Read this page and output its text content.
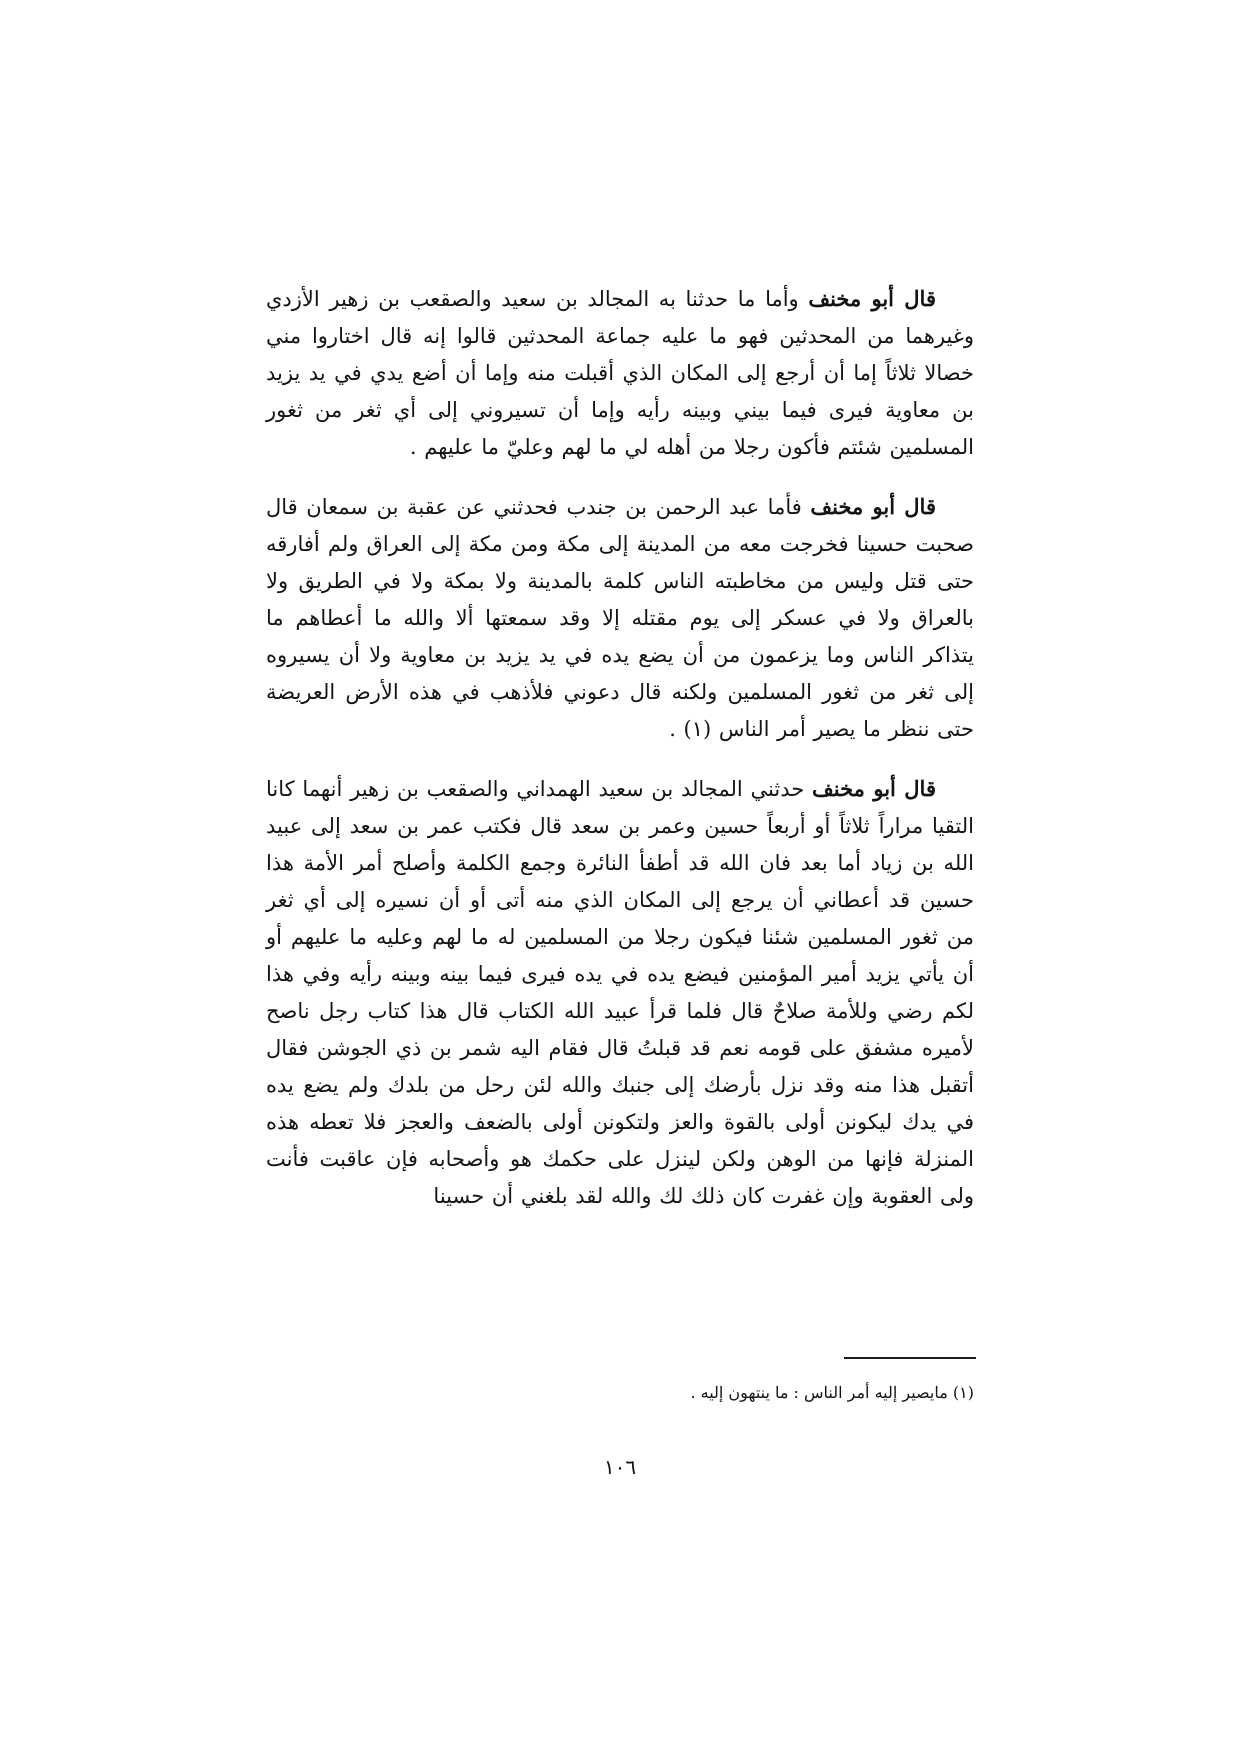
قال أبو مخنف وأما ما حدثنا به المجالد بن سعيد والصقعب بن زهير الأزدي وغيرهما من المحدثين فهو ما عليه جماعة المحدثين قالوا إنه قال اختاروا مني خصالا ثلاثاً إما أن أرجع إلى المكان الذي أقبلت منه وإما أن أضع يدي في يد يزيد بن معاوية فيرى فيما بيني وبينه رأيه وإما أن تسيروني إلى أي ثغر من ثغور المسلمين شئتم فأكون رجلا من أهله لي ما لهم وعليّ ما عليهم .

قال أبو مخنف فأما عبد الرحمن بن جندب فحدثني عن عقبة بن سمعان قال صحبت حسينا فخرجت معه من المدينة إلى مكة ومن مكة إلى العراق ولم أفارقه حتى قتل وليس من مخاطبته الناس كلمة بالمدينة ولا بمكة ولا في الطريق ولا بالعراق ولا في عسكر إلى يوم مقتله إلا وقد سمعتها ألا والله ما أعطاهم ما يتذاكر الناس وما يزعمون من أن يضع يده في يد يزيد بن معاوية ولا أن يسيروه إلى ثغر من ثغور المسلمين ولكنه قال دعوني فلأذهب في هذه الأرض العريضة حتى ننظر ما يصير أمر الناس (١) .

قال أبو مخنف حدثني المجالد بن سعيد الهمداني والصقعب بن زهير أنهما كانا التقيا مراراً ثلاثاً أو أربعاً حسين وعمر بن سعد قال فكتب عمر بن سعد إلى عبيد الله بن زياد أما بعد فان الله قد أطفأ النائرة وجمع الكلمة وأصلح أمر الأمة هذا حسين قد أعطاني أن يرجع إلى المكان الذي منه أتى أو أن نسيره إلى أي ثغر من ثغور المسلمين شئنا فيكون رجلا من المسلمين له ما لهم وعليه ما عليهم أو أن يأتي يزيد أمير المؤمنين فيضع يده في يده فيرى فيما بينه وبينه رأيه وفي هذا لكم رضي وللأمة صلاحٌ قال فلما قرأ عبيد الله الكتاب قال هذا كتاب رجل ناصح لأميره مشفق على قومه نعم قد قبلتُ قال فقام اليه شمر بن ذي الجوشن فقال أتقبل هذا منه وقد نزل بأرضك إلى جنبك والله لئن رحل من بلدك ولم يضع يده في يدك ليكونن أولى بالقوة والعز ولتكونن أولى بالضعف والعجز فلا تعطه هذه المنزلة فإنها من الوهن ولكن لينزل على حكمك هو وأصحابه فإن عاقبت فأنت ولى العقوبة وإن غفرت كان ذلك لك والله لقد بلغني أن حسينا

(١) مايصير إليه أمر الناس : ما ينتهون إليه .
١٠٦
